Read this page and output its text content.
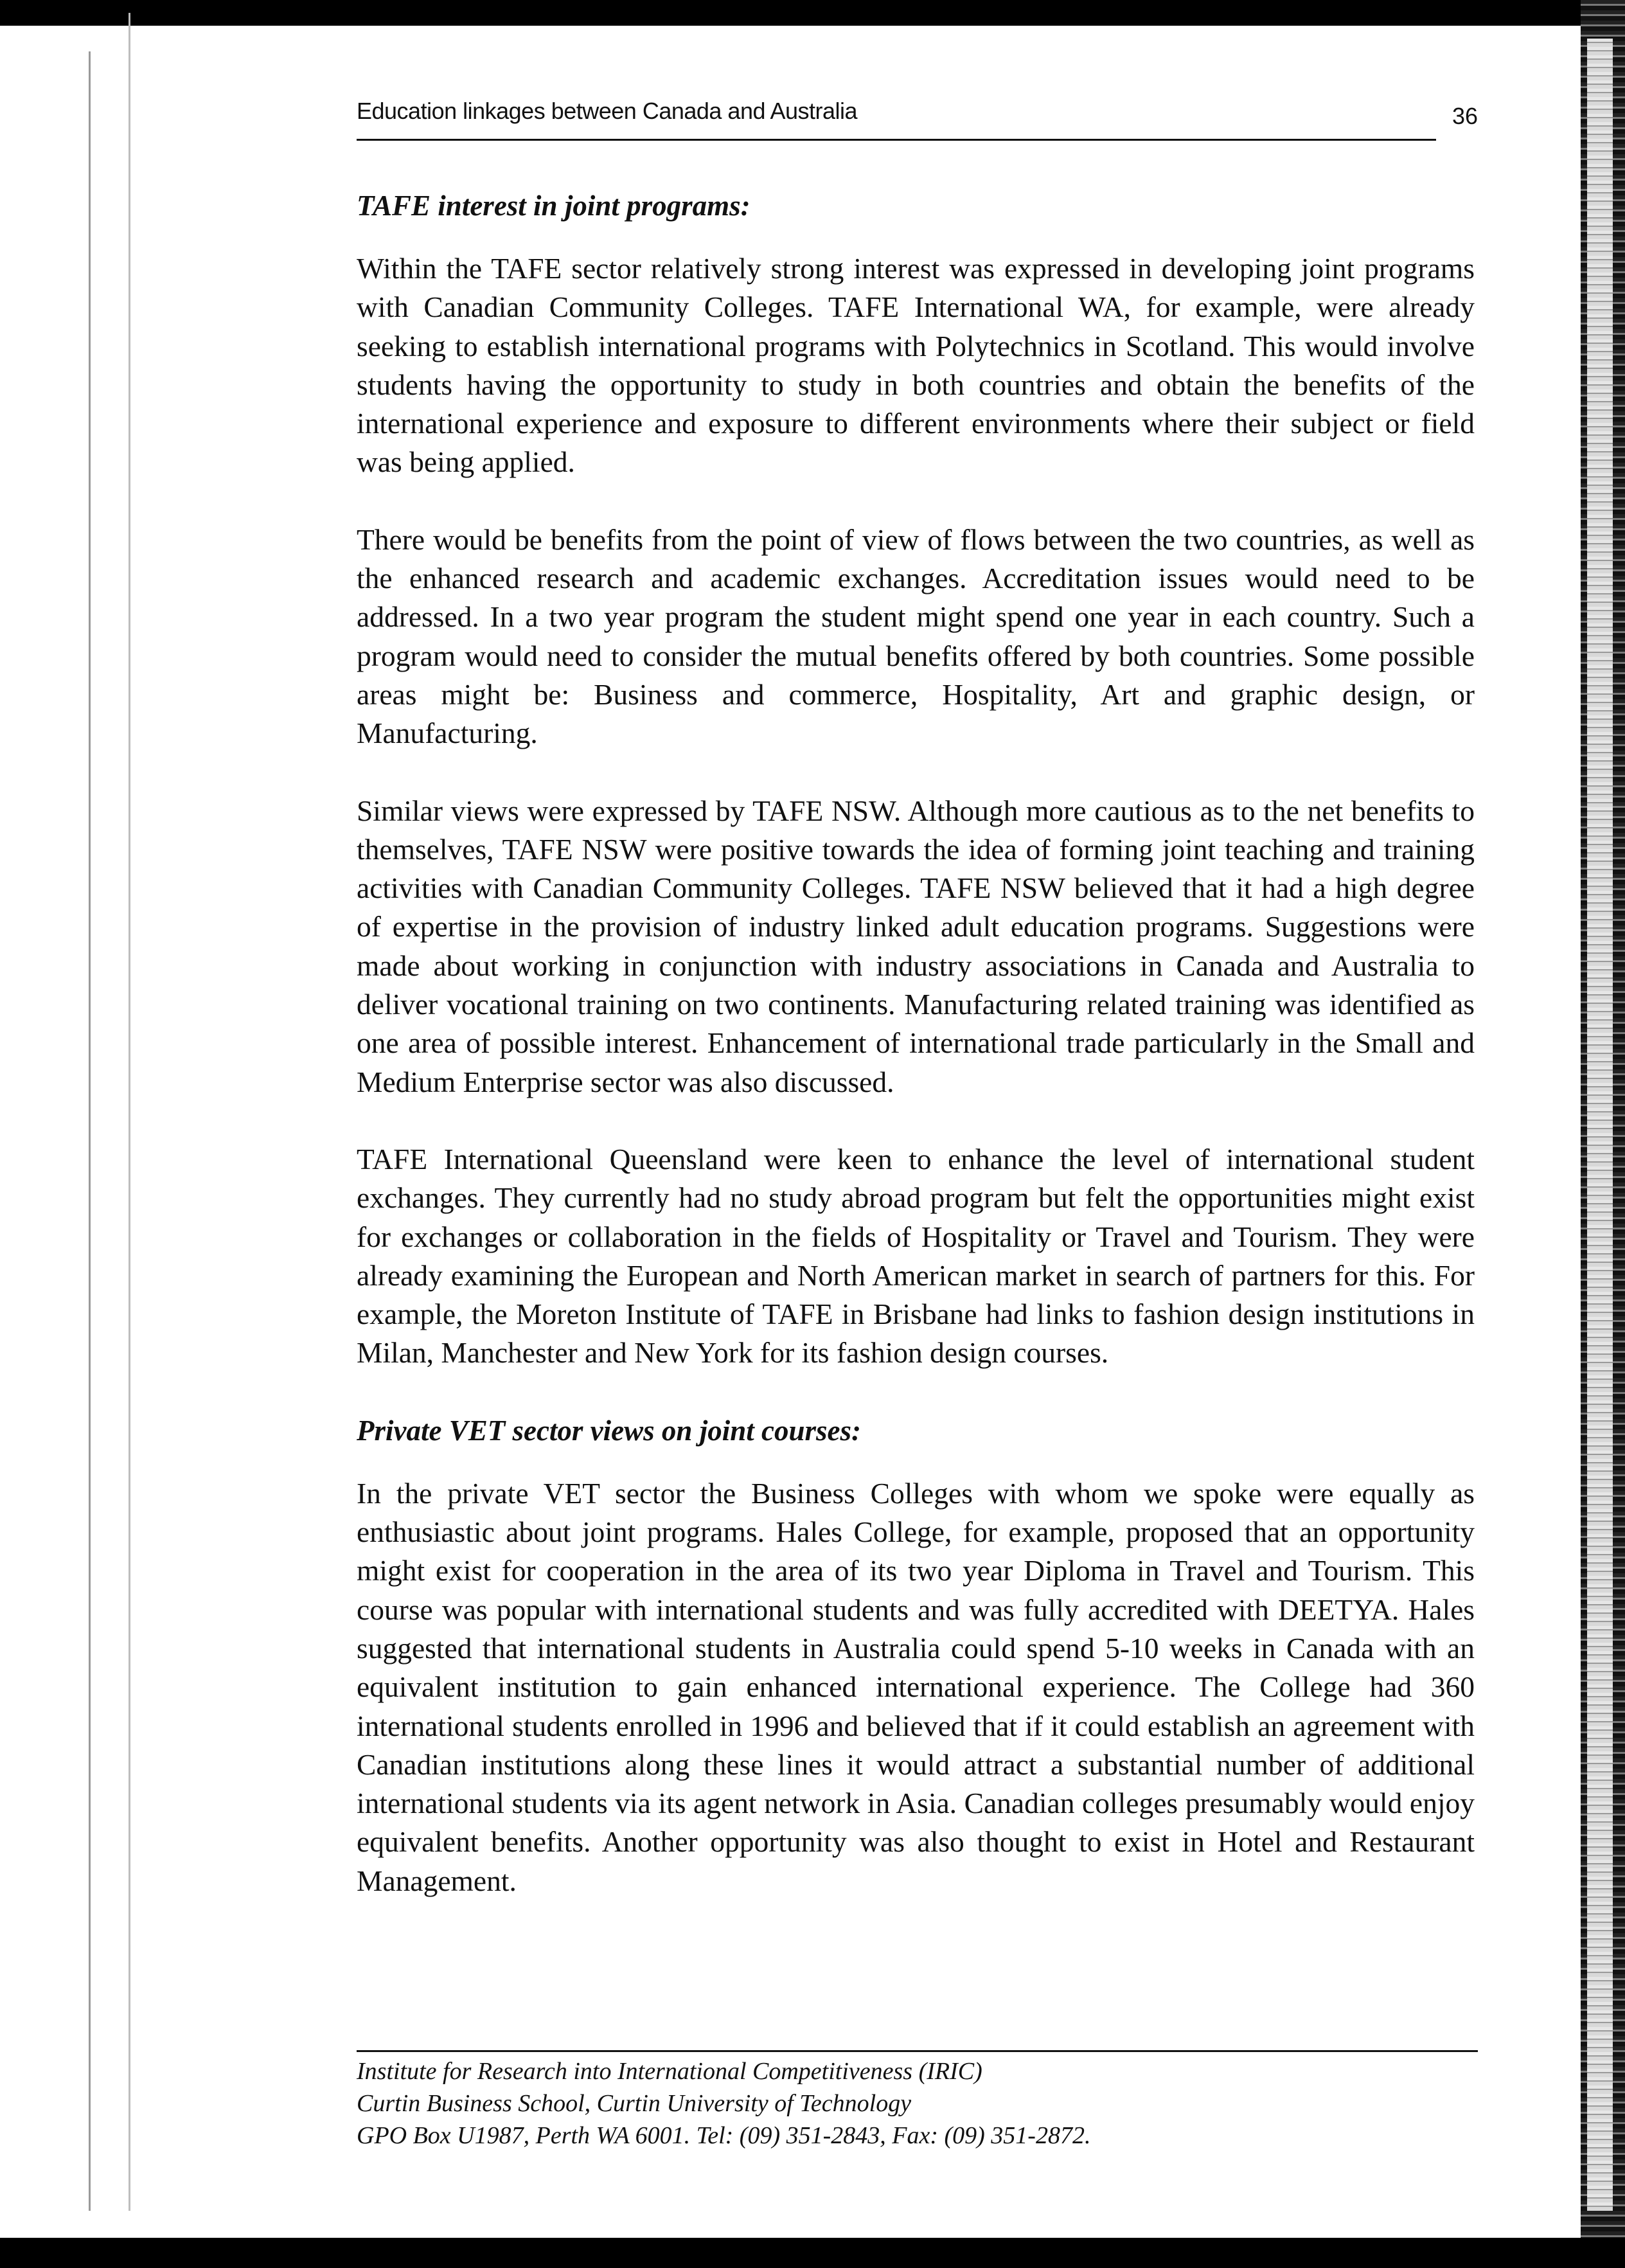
Education linkages between Canada and Australia	36
TAFE interest in joint programs:

Within the TAFE sector relatively strong interest was expressed in developing joint programs with Canadian Community Colleges. TAFE International WA, for example, were already seeking to establish international programs with Polytechnics in Scotland. This would involve students having the opportunity to study in both countries and obtain the benefits of the international experience and exposure to different environments where their subject or field was being applied.

There would be benefits from the point of view of flows between the two countries, as well as the enhanced research and academic exchanges. Accreditation issues would need to be addressed. In a two year program the student might spend one year in each country. Such a program would need to consider the mutual benefits offered by both countries. Some possible areas might be: Business and commerce, Hospitality, Art and graphic design, or Manufacturing.

Similar views were expressed by TAFE NSW. Although more cautious as to the net benefits to themselves, TAFE NSW were positive towards the idea of forming joint teaching and training activities with Canadian Community Colleges. TAFE NSW believed that it had a high degree of expertise in the provision of industry linked adult education programs. Suggestions were made about working in conjunction with industry associations in Canada and Australia to deliver vocational training on two continents. Manufacturing related training was identified as one area of possible interest. Enhancement of international trade particularly in the Small and Medium Enterprise sector was also discussed.

TAFE International Queensland were keen to enhance the level of international student exchanges. They currently had no study abroad program but felt the opportunities might exist for exchanges or collaboration in the fields of Hospitality or Travel and Tourism. They were already examining the European and North American market in search of partners for this. For example, the Moreton Institute of TAFE in Brisbane had links to fashion design institutions in Milan, Manchester and New York for its fashion design courses.

Private VET sector views on joint courses:

In the private VET sector the Business Colleges with whom we spoke were equally as enthusiastic about joint programs. Hales College, for example, proposed that an opportunity might exist for cooperation in the area of its two year Diploma in Travel and Tourism. This course was popular with international students and was fully accredited with DEETYA. Hales suggested that international students in Australia could spend 5-10 weeks in Canada with an equivalent institution to gain enhanced international experience. The College had 360 international students enrolled in 1996 and believed that if it could establish an agreement with Canadian institutions along these lines it would attract a substantial number of additional international students via its agent network in Asia. Canadian colleges presumably would enjoy equivalent benefits. Another opportunity was also thought to exist in Hotel and Restaurant Management.

Institute for Research into International Competitiveness (IRIC)
Curtin Business School, Curtin University of Technology
GPO Box U1987, Perth WA 6001. Tel: (09) 351-2843, Fax: (09) 351-2872.
